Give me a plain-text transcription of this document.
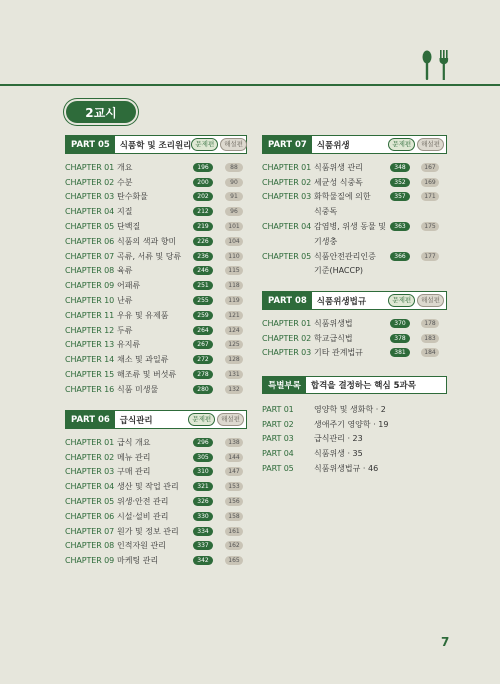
2교시
PART 05	식품학 및 조리원리 문제편	해설편
CHAPTER 01 개요	196	88
CHAPTER 02 수분	200	90
CHAPTER 03 탄수화물	202	91
CHAPTER 04 지질	212	96
CHAPTER 05 단백질	219	101
CHAPTER 06 식품의 색과 향미	226	104
CHAPTER 07 곡류, 서류 및 당류	236	110
CHAPTER 08 육류	246	115
CHAPTER 09 어패류	251	118
CHAPTER 10 난류	255	119
CHAPTER 11 우유 및 유제품	259	121
CHAPTER 12 두류	264	124
CHAPTER 13 유지류	267	125
CHAPTER 14 채소 및 과일류	272	128
CHAPTER 15 해조류 및 버섯류	278	131
CHAPTER 16 식품 미생물	280	132
PART 06	급식관리	문제편	해설편
CHAPTER 01 급식 개요	296	138
CHAPTER 02 메뉴 관리	305	144
CHAPTER 03 구매 관리	310	147
CHAPTER 04 생산 및 작업 관리	321	153
CHAPTER 05 위생·안전 관리	326	156
CHAPTER 06 시설·설비 관리	330	158
CHAPTER 07 원가 및 정보 관리	334	161
CHAPTER 08 인적자원 관리	337	162
CHAPTER 09 마케팅 관리	342	165
PART 07	식품위생	문제편	해설편
CHAPTER 01 식품위생 관리	348	167
CHAPTER 02 세균성 식중독	352	169
CHAPTER 03 화학물질에 의한	357	171
식중독
CHAPTER 04 감염병, 위생 동물 및	363	175
기생충
CHAPTER 05 식품안전관리인증	366	177
기준(HACCP)
PART 08	식품위생법규	문제편	해설편
CHAPTER 01 식품위생법	370	178
CHAPTER 02 학교급식법	378	183
CHAPTER 03 기타 관계법규	381	184
특별부록	합격을 결정하는 핵심 5과목
PART 01	영양학 및 생화학 · 2
PART 02	생애주기 영양학 · 19
PART 03	급식관리 · 23
PART 04	식품위생 · 35
PART 05	식품위생법규 · 46
7
